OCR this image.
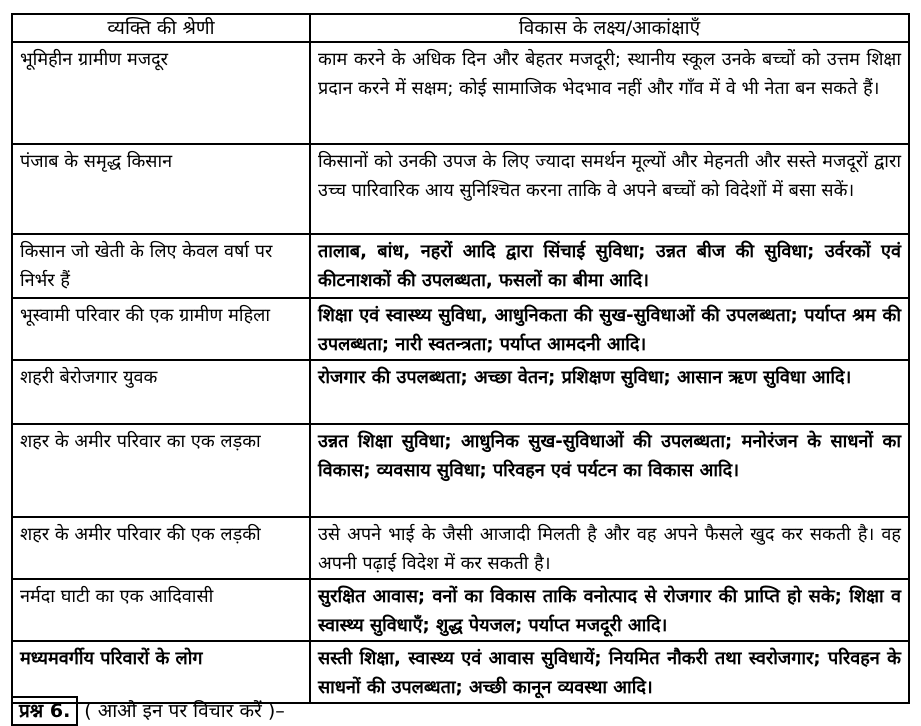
व्यक्ति की श्रेणी	विकास के लक्ष्य/आकांक्षाएँ
भूमिहीन ग्रामीण मजदूर	काम करने के अधिक दिन और बेहतर मजदूरी; स्थानीय स्कूल उनके बच्चों को उत्तम शिक्षा प्रदान करने में सक्षम; कोई सामाजिक भेदभाव नहीं और गाँव में वे भी नेता बन सकते हैं।
पंजाब के समृद्ध किसान	किसानों को उनकी उपज के लिए ज्यादा समर्थन मूल्यों और मेहनती और सस्ते मजदूरों द्वारा उच्च पारिवारिक आय सुनिश्चित करना ताकि वे अपने बच्चों को विदेशों में बसा सकें।
किसान जो खेती के लिए केवल वर्षा पर निर्भर हैं	तालाब, बांध, नहरों आदि द्वारा सिंचाई सुविधा; उन्नत बीज की सुविधा; उर्वरकों एवं कीटनाशकों की उपलब्धता, फसलों का बीमा आदि।
भूस्वामी परिवार की एक ग्रामीण महिला	शिक्षा एवं स्वास्थ्य सुविधा, आधुनिकता की सुख-सुविधाओं की उपलब्धता; पर्याप्त श्रम की उपलब्धता; नारी स्वतन्त्रता; पर्याप्त आमदनी आदि।
शहरी बेरोजगार युवक	रोजगार की उपलब्धता; अच्छा वेतन; प्रशिक्षण सुविधा; आसान ऋण सुविधा आदि।
शहर के अमीर परिवार का एक लड़का	उन्नत शिक्षा सुविधा; आधुनिक सुख-सुविधाओं की उपलब्धता; मनोरंजन के साधनों का विकास; व्यवसाय सुविधा; परिवहन एवं पर्यटन का विकास आदि।
शहर के अमीर परिवार की एक लड़की	उसे अपने भाई के जैसी आजादी मिलती है और वह अपने फैसले खुद कर सकती है। वह अपनी पढ़ाई विदेश में कर सकती है।
नर्मदा घाटी का एक आदिवासी	सुरक्षित आवास; वनों का विकास ताकि वनोत्पाद से रोजगार की प्राप्ति हो सके; शिक्षा व स्वास्थ्य सुविधाएँ; शुद्ध पेयजल; पर्याप्त मजदूरी आदि।
मध्यमवर्गीय परिवारों के लोग	सस्ती शिक्षा, स्वास्थ्य एवं आवास सुविधायें; नियमित नौकरी तथा स्वरोजगार; परिवहन के साधनों की उपलब्धता; अच्छी कानून व्यवस्था आदि।
प्रश्न 6. ( आओ इन पर विचार करें )–
